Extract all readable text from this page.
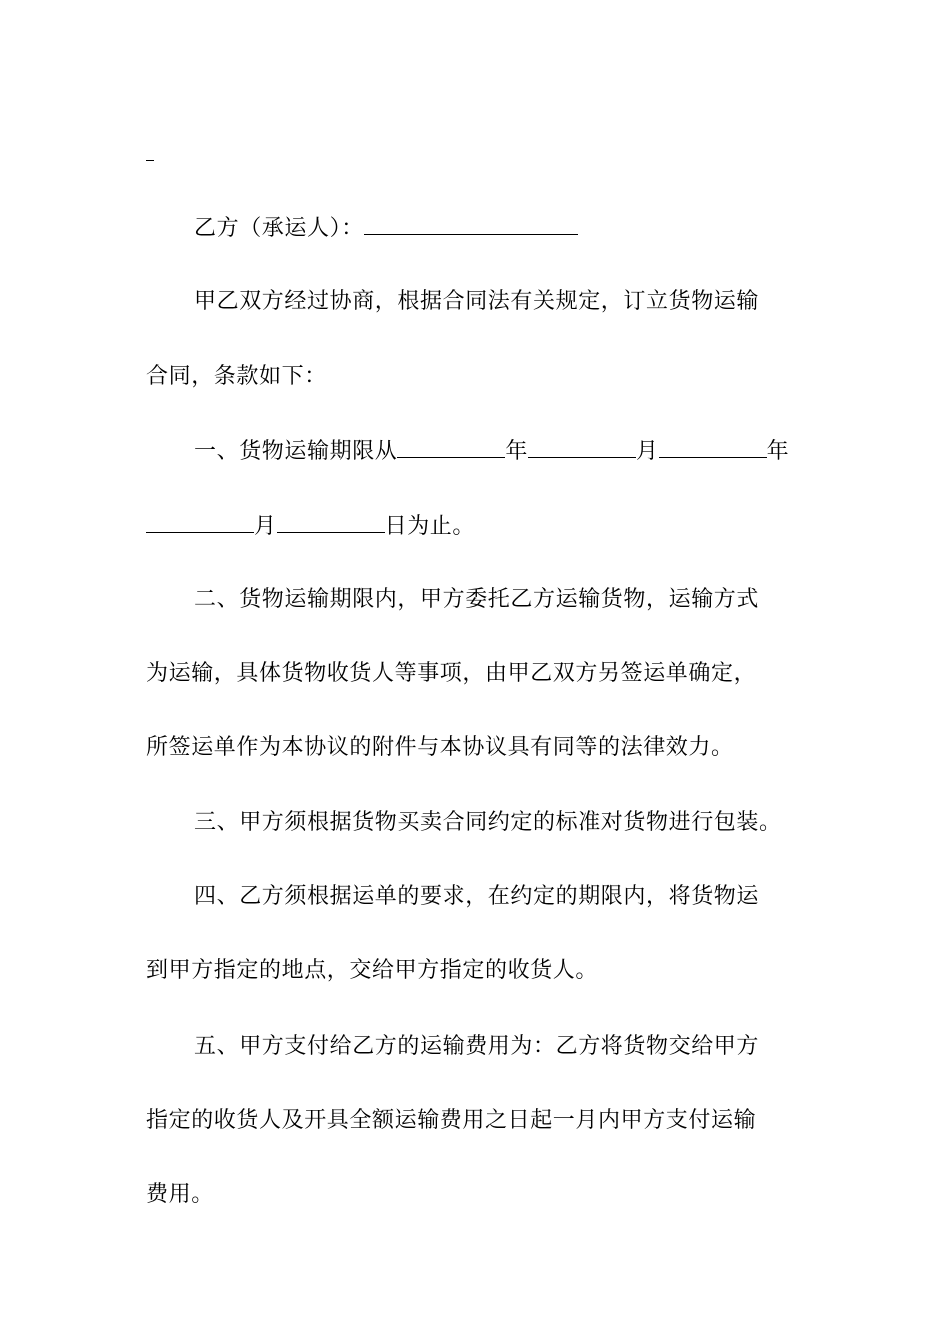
乙方（承运人）：
甲乙双方经过协商，根据合同法有关规定，订立货物运输
合同，条款如下：
一、货物运输期限从	年	月	年
月	日为止。
二、货物运输期限内，甲方委托乙方运输货物，运输方式
为运输，具体货物收货人等事项，由甲乙双方另签运单确定，
所签运单作为本协议的附件与本协议具有同等的法律效力。
三、甲方须根据货物买卖合同约定的标准对货物进行包装。
四、乙方须根据运单的要求，在约定的期限内，将货物运
到甲方指定的地点，交给甲方指定的收货人。
五、甲方支付给乙方的运输费用为：乙方将货物交给甲方
指定的收货人及开具全额运输费用之日起一月内甲方支付运输
费用。
